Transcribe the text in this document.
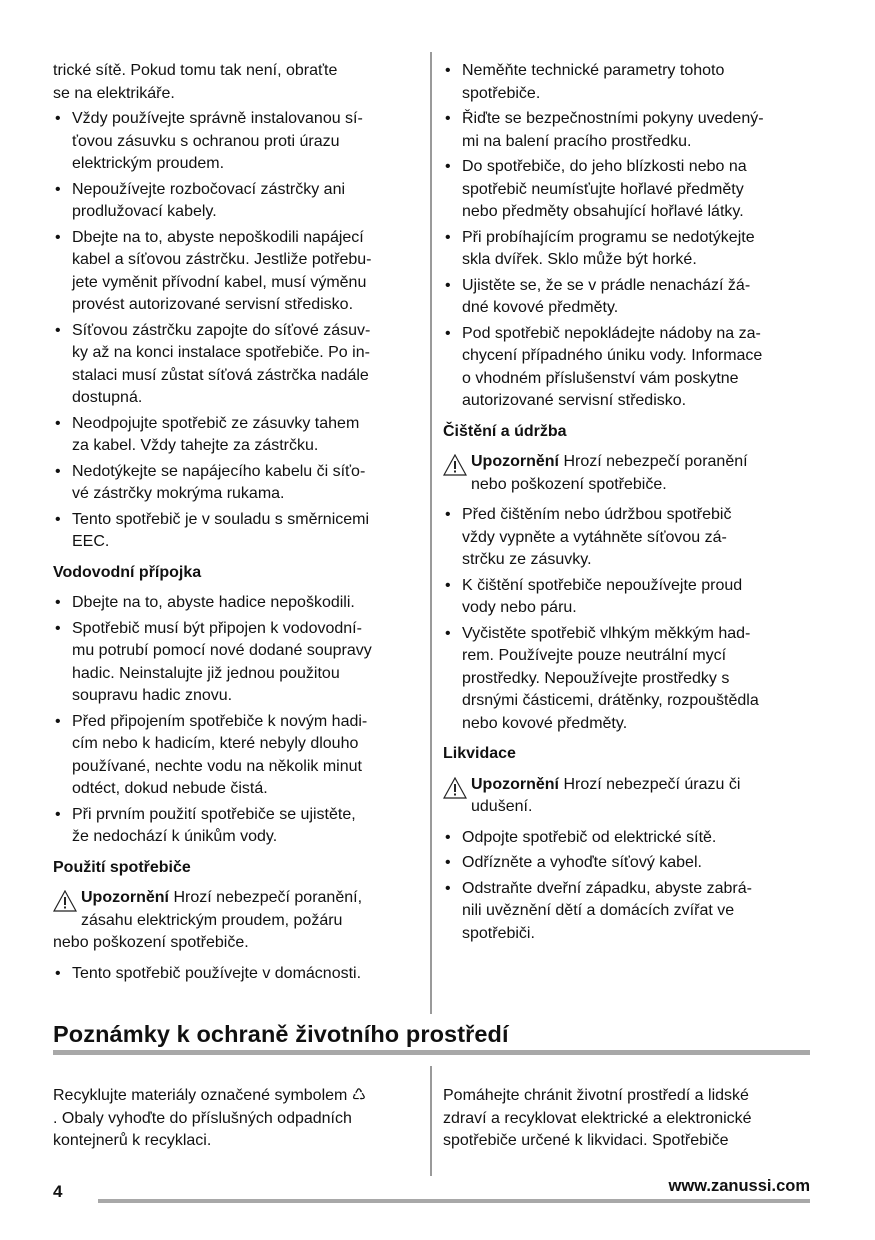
trické sítě. Pokud tomu tak není, obraťte
se na elektrikáře.
• Vždy používejte správně instalovanou sí-
ťovou zásuvku s ochranou proti úrazu
elektrickým proudem.
• Nepoužívejte rozbočovací zástrčky ani
prodlužovací kabely.
• Dbejte na to, abyste nepoškodili napájecí
kabel a síťovou zástrčku. Jestliže potřebu-
jete vyměnit přívodní kabel, musí výměnu
provést autorizované servisní středisko.
• Síťovou zástrčku zapojte do síťové zásuv-
ky až na konci instalace spotřebiče. Po in-
stalaci musí zůstat síťová zástrčka nadále
dostupná.
• Neodpojujte spotřebič ze zásuvky tahem
za kabel. Vždy tahejte za zástrčku.
• Nedotýkejte se napájecího kabelu či síťo-
vé zástrčky mokrýma rukama.
• Tento spotřebič je v souladu s směrnicemi
EEC.
Vodovodní přípojka
• Dbejte na to, abyste hadice nepoškodili.
• Spotřebič musí být připojen k vodovodní-
mu potrubí pomocí nové dodané soupravy
hadic. Neinstalujte již jednou použitou
soupravu hadic znovu.
• Před připojením spotřebiče k novým hadi-
cím nebo k hadicím, které nebyly dlouho
používané, nechte vodu na několik minut
odtéct, dokud nebude čistá.
• Při prvním použití spotřebiče se ujistěte,
že nedochází k únikům vody.
Použití spotřebiče
Upozornění Hrozí nebezpečí poranění,
zásahu elektrickým proudem, požáru
nebo poškození spotřebiče.
• Tento spotřebič používejte v domácnosti.
• Neměňte technické parametry tohoto
spotřebiče.
• Řiďte se bezpečnostními pokyny uvedený-
mi na balení pracího prostředku.
• Do spotřebiče, do jeho blízkosti nebo na
spotřebič neumísťujte hořlavé předměty
nebo předměty obsahující hořlavé látky.
• Při probíhajícím programu se nedotýkejte
skla dvířek. Sklo může být horké.
• Ujistěte se, že se v prádle nenachází žá-
dné kovové předměty.
• Pod spotřebič nepokládejte nádoby na za-
chycení případného úniku vody. Informace
o vhodném příslušenství vám poskytne
autorizované servisní středisko.
Čištění a údržba
Upozornění Hrozí nebezpečí poranění
nebo poškození spotřebiče.
• Před čištěním nebo údržbou spotřebič
vždy vypněte a vytáhněte síťovou zá-
strčku ze zásuvky.
• K čištění spotřebiče nepoužívejte proud
vody nebo páru.
• Vyčistěte spotřebič vlhkým měkkým had-
rem. Používejte pouze neutrální mycí
prostředky. Nepoužívejte prostředky s
drsnými částicemi, drátěnky, rozpouštědla
nebo kovové předměty.
Likvidace
Upozornění Hrozí nebezpečí úrazu či
udušení.
• Odpojte spotřebič od elektrické sítě.
• Odřízněte a vyhoďte síťový kabel.
• Odstraňte dveřní západku, abyste zabrá-
nili uvěznění dětí a domácích zvířat ve
spotřebiči.
Poznámky k ochraně životního prostředí
Recyklujte materiály označené symbolem ♺
. Obaly vyhoďte do příslušných odpadních
kontejnerů k recyklaci.
Pomáhejte chránit životní prostředí a lidské
zdraví a recyklovat elektrické a elektronické
spotřebiče určené k likvidaci. Spotřebiče
4	www.zanussi.com
